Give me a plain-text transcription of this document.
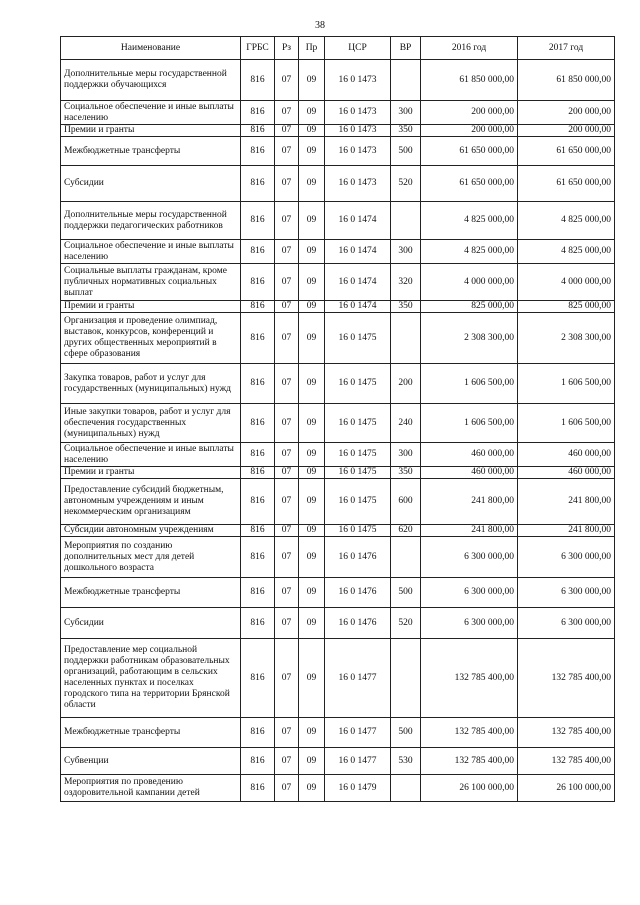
38
Наименование	ГРБС	Рз	Пр	ЦСР	ВР	2016 год	2017 год
Дополнительные меры государственной поддержки обучающихся	816	07	09	16 0 1473		61 850 000,00	61 850 000,00
Социальное обеспечение и иные выплаты населению	816	07	09	16 0 1473	300	200 000,00	200 000,00
Премии и гранты	816	07	09	16 0 1473	350	200 000,00	200 000,00
Межбюджетные трансферты	816	07	09	16 0 1473	500	61 650 000,00	61 650 000,00
Субсидии	816	07	09	16 0 1473	520	61 650 000,00	61 650 000,00
Дополнительные меры государственной поддержки педагогических работников	816	07	09	16 0 1474		4 825 000,00	4 825 000,00
Социальное обеспечение и иные выплаты населению	816	07	09	16 0 1474	300	4 825 000,00	4 825 000,00
Социальные выплаты гражданам, кроме публичных нормативных социальных выплат	816	07	09	16 0 1474	320	4 000 000,00	4 000 000,00
Премии и гранты	816	07	09	16 0 1474	350	825 000,00	825 000,00
Организация и проведение олимпиад, выставок, конкурсов, конференций и других общественных мероприятий в сфере образования	816	07	09	16 0 1475		2 308 300,00	2 308 300,00
Закупка товаров, работ и услуг для государственных (муниципальных) нужд	816	07	09	16 0 1475	200	1 606 500,00	1 606 500,00
Иные закупки товаров, работ и услуг для обеспечения государственных (муниципальных) нужд	816	07	09	16 0 1475	240	1 606 500,00	1 606 500,00
Социальное обеспечение и иные выплаты населению	816	07	09	16 0 1475	300	460 000,00	460 000,00
Премии и гранты	816	07	09	16 0 1475	350	460 000,00	460 000,00
Предоставление субсидий бюджетным, автономным учреждениям и иным некоммерческим организациям	816	07	09	16 0 1475	600	241 800,00	241 800,00
Субсидии автономным учреждениям	816	07	09	16 0 1475	620	241 800,00	241 800,00
Мероприятия по созданию дополнительных мест для детей дошкольного возраста	816	07	09	16 0 1476		6 300 000,00	6 300 000,00
Межбюджетные трансферты	816	07	09	16 0 1476	500	6 300 000,00	6 300 000,00
Субсидии	816	07	09	16 0 1476	520	6 300 000,00	6 300 000,00
Предоставление мер социальной поддержки работникам образовательных организаций, работающим в сельских населенных пунктах и поселках городского типа на территории Брянской области	816	07	09	16 0 1477		132 785 400,00	132 785 400,00
Межбюджетные трансферты	816	07	09	16 0 1477	500	132 785 400,00	132 785 400,00
Субвенции	816	07	09	16 0 1477	530	132 785 400,00	132 785 400,00
Мероприятия по проведению оздоровительной кампании детей	816	07	09	16 0 1479		26 100 000,00	26 100 000,00
